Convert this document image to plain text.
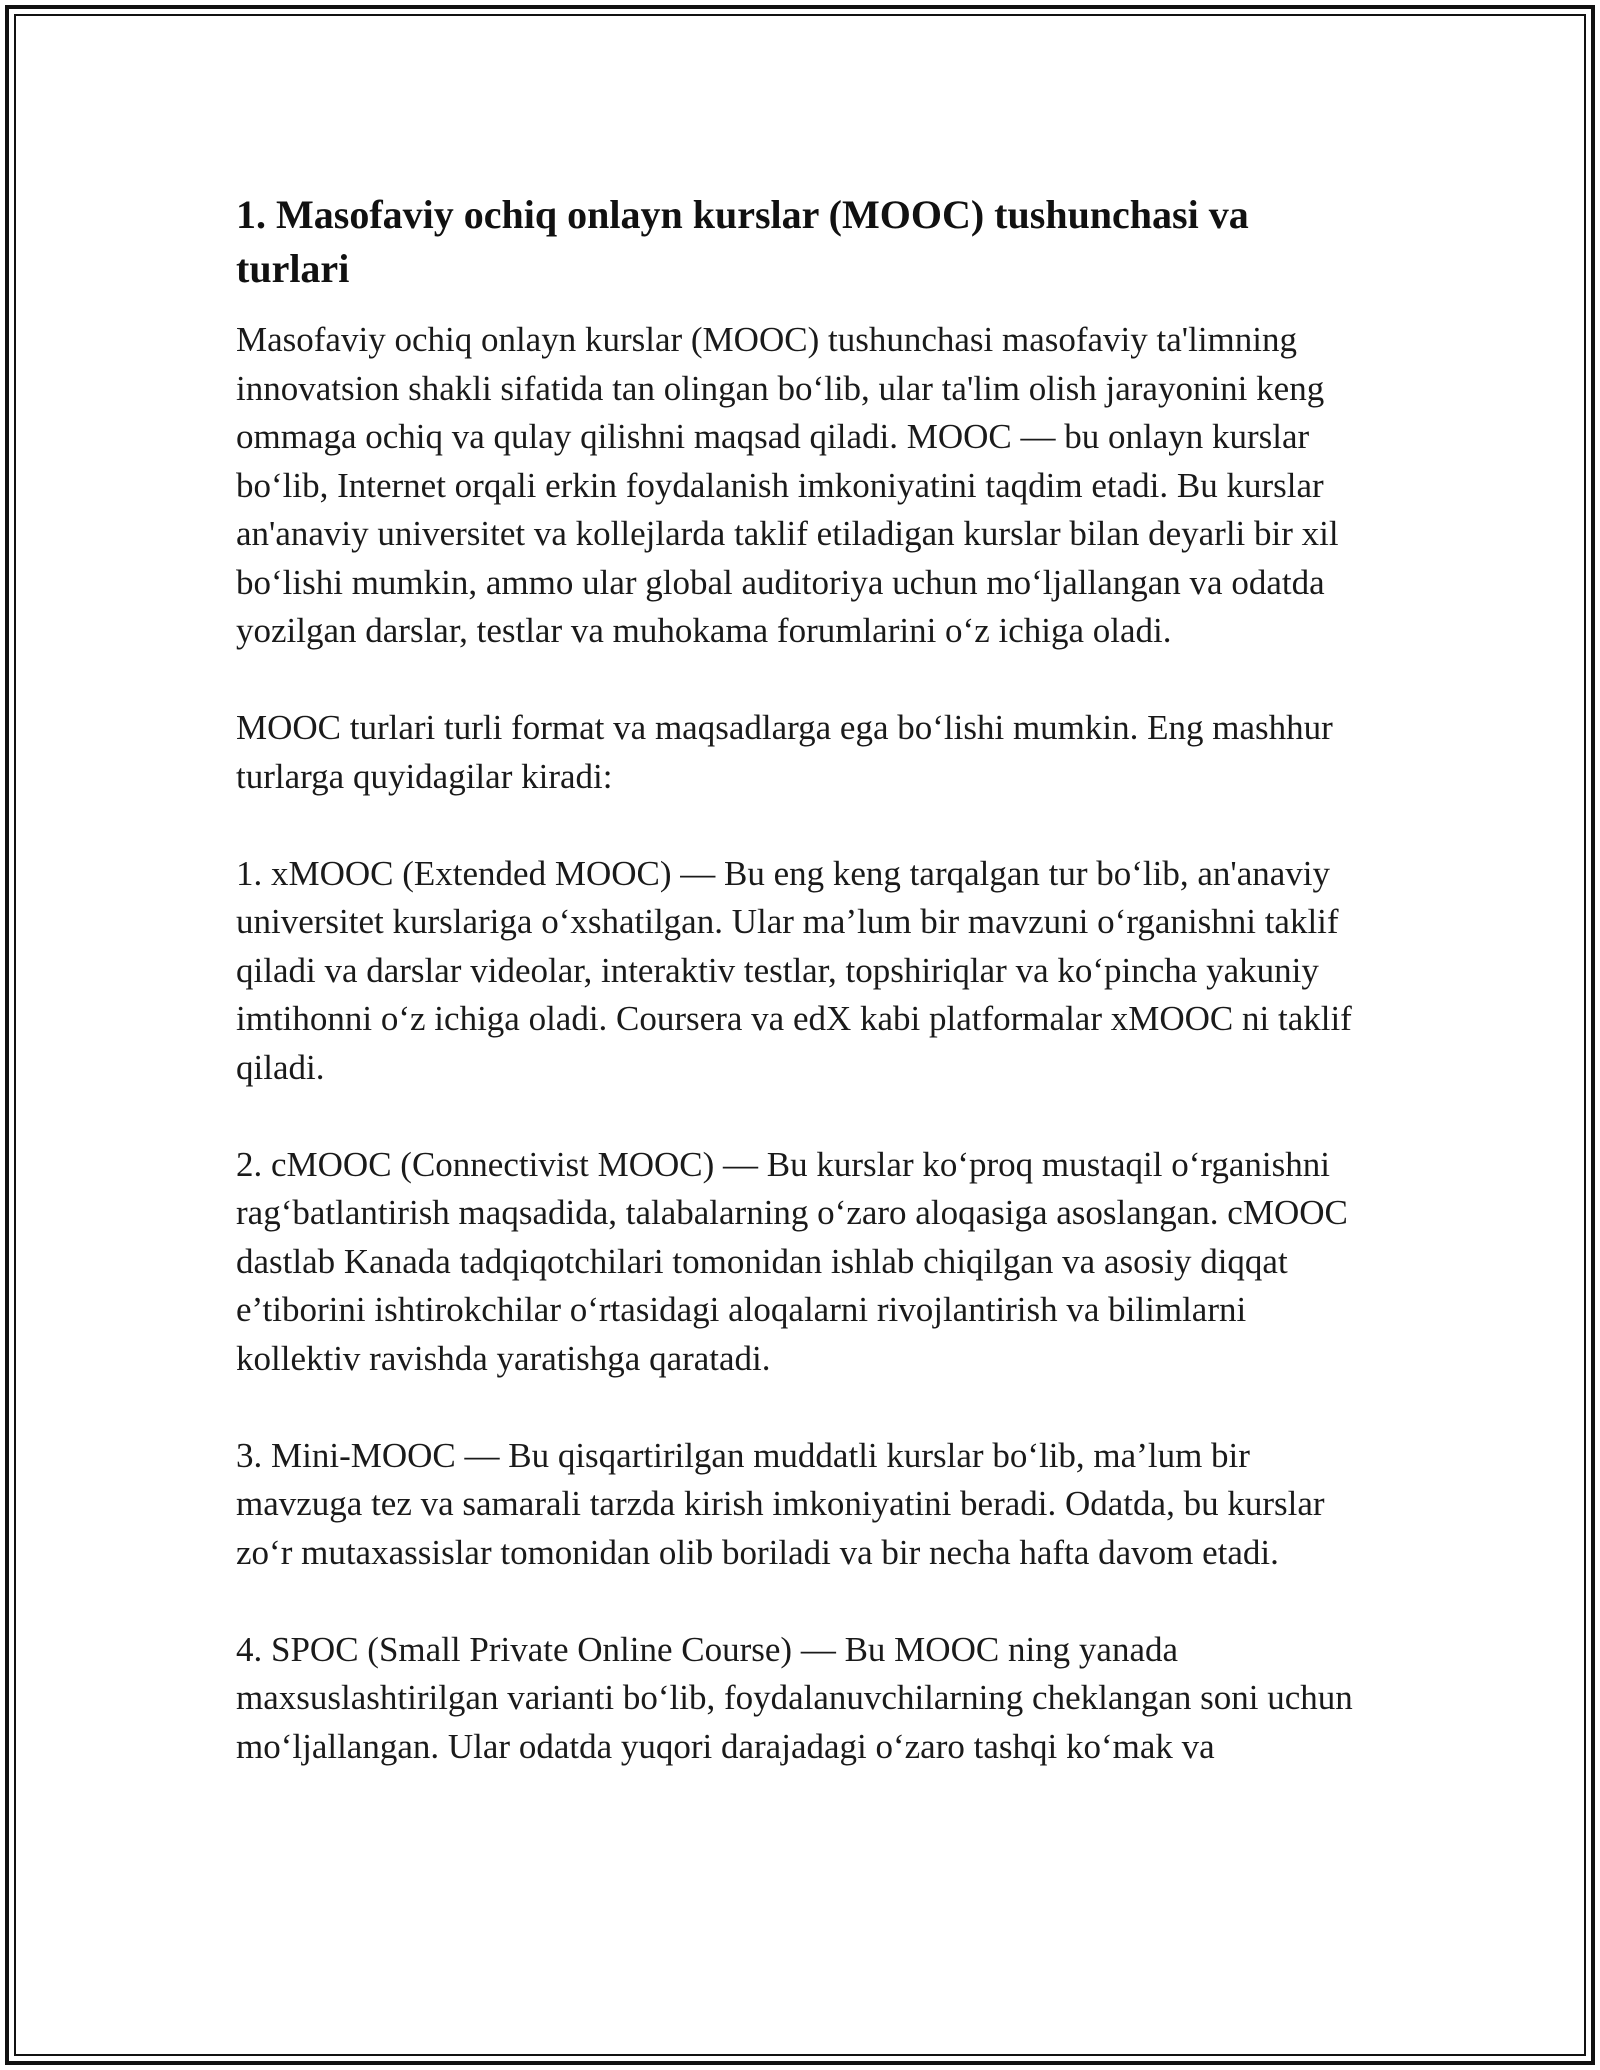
1. Masofaviy ochiq onlayn kurslar (MOOC) tushunchasi va turlari

Masofaviy ochiq onlayn kurslar (MOOC) tushunchasi masofaviy ta'limning innovatsion shakli sifatida tan olingan bo‘lib, ular ta'lim olish jarayonini keng ommaga ochiq va qulay qilishni maqsad qiladi. MOOC — bu onlayn kurslar bo‘lib, Internet orqali erkin foydalanish imkoniyatini taqdim etadi. Bu kurslar an'anaviy universitet va kollejlarda taklif etiladigan kurslar bilan deyarli bir xil bo‘lishi mumkin, ammo ular global auditoriya uchun mo‘ljallangan va odatda yozilgan darslar, testlar va muhokama forumlarini o‘z ichiga oladi.

MOOC turlari turli format va maqsadlarga ega bo‘lishi mumkin. Eng mashhur turlarga quyidagilar kiradi:

1. xMOOC (Extended MOOC) — Bu eng keng tarqalgan tur bo‘lib, an'anaviy universitet kurslariga o‘xshatilgan. Ular ma’lum bir mavzuni o‘rganishni taklif qiladi va darslar videolar, interaktiv testlar, topshiriqlar va ko‘pincha yakuniy imtihonni o‘z ichiga oladi. Coursera va edX kabi platformalar xMOOC ni taklif qiladi.

2. cMOOC (Connectivist MOOC) — Bu kurslar ko‘proq mustaqil o‘rganishni rag‘batlantirish maqsadida, talabalarning o‘zaro aloqasiga asoslangan. cMOOC dastlab Kanada tadqiqotchilari tomonidan ishlab chiqilgan va asosiy diqqat e’tiborini ishtirokchilar o‘rtasidagi aloqalarni rivojlantirish va bilimlarni kollektiv ravishda yaratishga qaratadi.

3. Mini-MOOC — Bu qisqartirilgan muddatli kurslar bo‘lib, ma’lum bir mavzuga tez va samarali tarzda kirish imkoniyatini beradi. Odatda, bu kurslar zo‘r mutaxassislar tomonidan olib boriladi va bir necha hafta davom etadi.

4. SPOC (Small Private Online Course) — Bu MOOC ning yanada maxsuslashtirilgan varianti bo‘lib, foydalanuvchilarning cheklangan soni uchun mo‘ljallangan. Ular odatda yuqori darajadagi o‘zaro tashqi ko‘mak va
